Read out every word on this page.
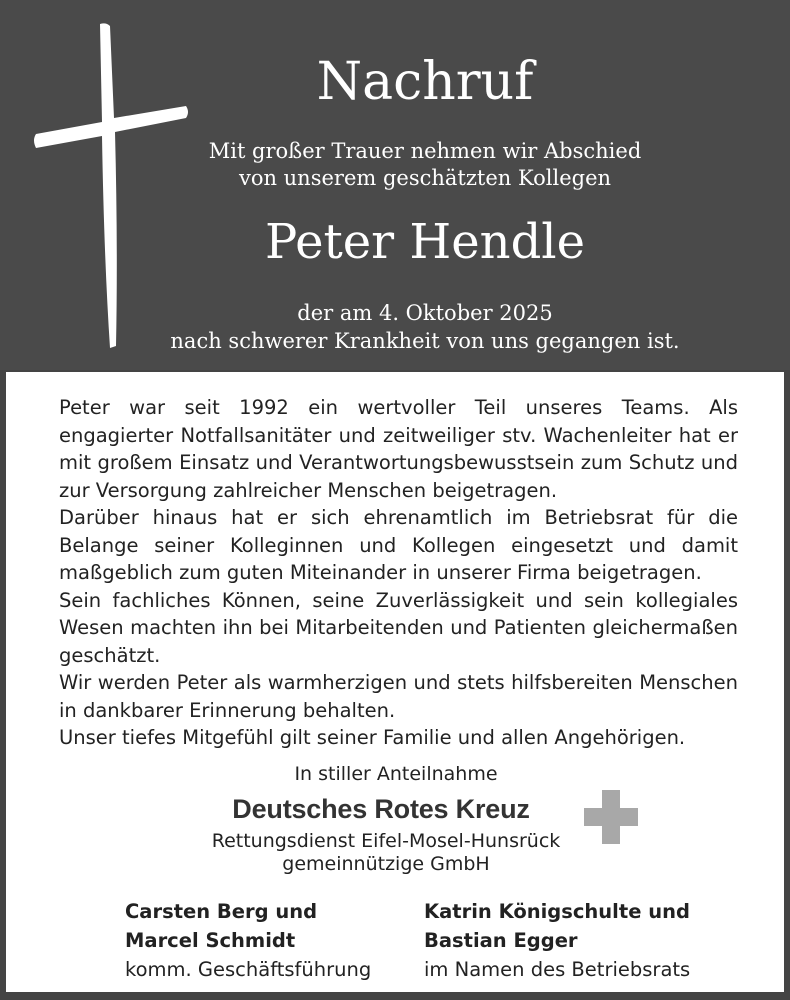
Nachruf
Mit großer Trauer nehmen wir Abschied
von unserem geschätzten Kollegen
Peter Hendle
der am 4. Oktober 2025
nach schwerer Krankheit von uns gegangen ist.
Peter war seit 1992 ein wertvoller Teil unseres Teams. Als engagierter Notfallsanitäter und zeitweiliger stv. Wachenleiter hat er mit großem Einsatz und Verantwortungsbewusstsein zum Schutz und zur Versorgung zahlreicher Menschen beigetragen.
Darüber hinaus hat er sich ehrenamtlich im Betriebsrat für die Belange seiner Kolleginnen und Kollegen eingesetzt und damit maßgeblich zum guten Miteinander in unserer Firma beigetragen.
Sein fachliches Können, seine Zuverlässigkeit und sein kollegiales Wesen machten ihn bei Mitarbeitenden und Patienten gleichermaßen geschätzt.
Wir werden Peter als warmherzigen und stets hilfsbereiten Menschen in dankbarer Erinnerung behalten.
Unser tiefes Mitgefühl gilt seiner Familie und allen Angehörigen.
In stiller Anteilnahme
Deutsches Rotes Kreuz
Rettungsdienst Eifel-Mosel-Hunsrück
gemeinnützige GmbH
Carsten Berg und
Marcel Schmidt
komm. Geschäftsführung
Katrin Königschulte und
Bastian Egger
im Namen des Betriebsrats
